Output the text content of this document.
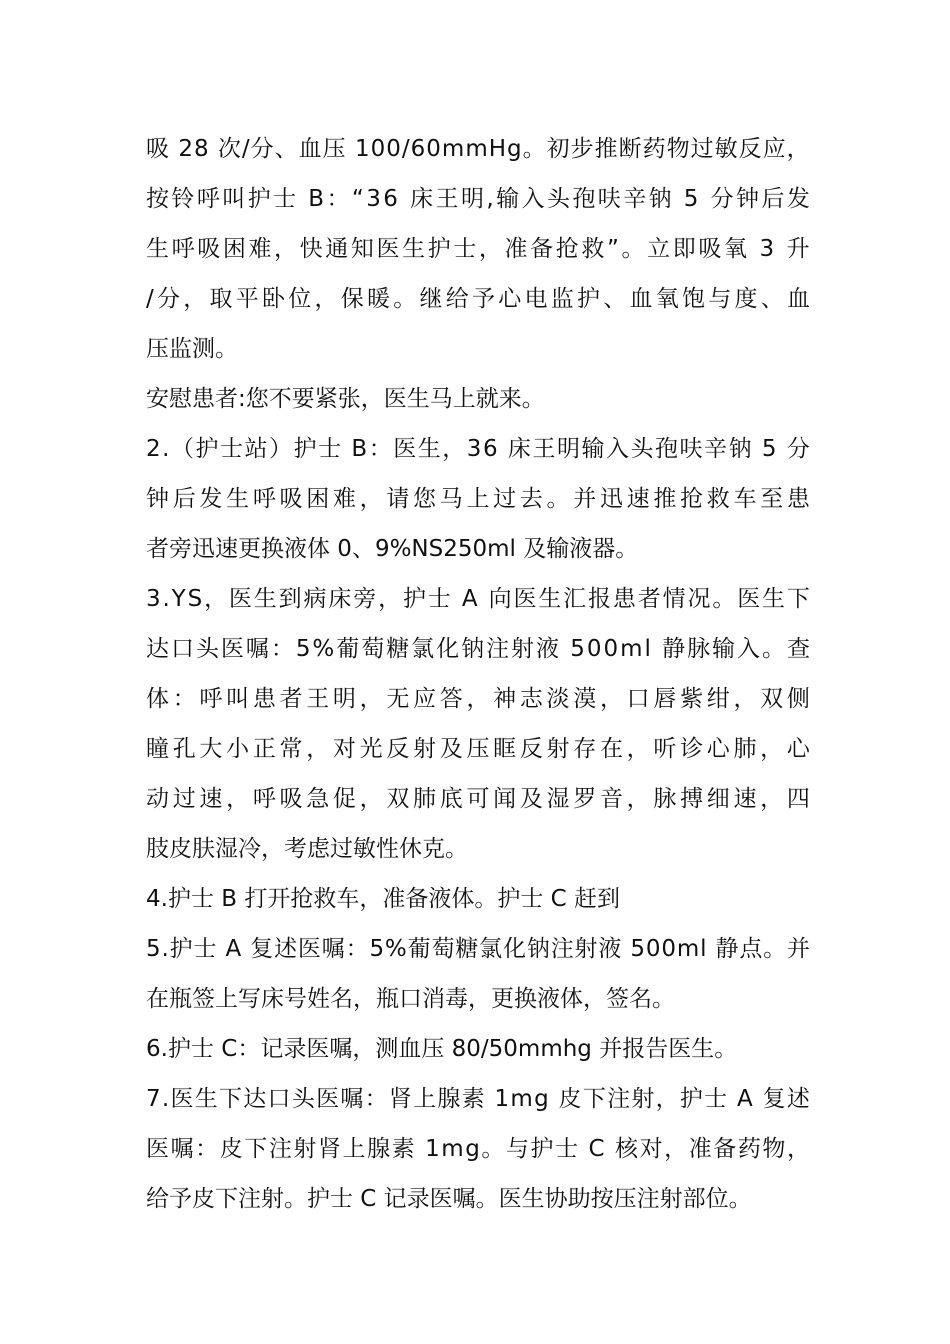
吸
2 8
次 / 分 、 血 压
1 0 0 / 6 0 m m H g 。 初 步 推 断 药 物 过 敏 反 应 ，
按 铃 呼 叫 护 士
B ： “ 3 6
床 王 明 , 输 入 头 孢 呋 辛 钠
5
分 钟 后 发
生 呼 吸 困 难 ， 快 通 知 医 生 护 士 ， 准 备 抢 救 ” 。 立 即 吸 氧
3
升
/ 分 ， 取 平 卧 位 ， 保 暖 。 继 给 予 心 电 监 护 、 血 氧 饱 与 度 、 血
压监测。
安慰患者:您不要紧张，医生马上就来。
2 . （ 护 士 站 ） 护 士
B ： 医 生 ， 3 6
床 王 明 输 入 头 孢 呋 辛 钠
5
分
钟 后 发 生 呼 吸 困 难 ， 请 您 马 上 过 去 。 并 迅 速 推 抢 救 车 至 患
者旁迅速更换液体 0、9%NS250ml 及输液器。
3 . Y S ， 医 生 到 病 床 旁 ， 护 士
A
向 医 生 汇 报 患 者 情 况 。 医 生 下
达 口 头 医 嘱 ： 5 % 葡 萄 糖 氯 化 钠 注 射 液
5 0 0 m l
静 脉 输 入 。 查
体 ： 呼 叫 患 者 王 明 ， 无 应 答 ， 神 志 淡 漠 ， 口 唇 紫 绀 ， 双 侧
瞳 孔 大 小 正 常 ， 对 光 反 射 及 压 眶 反 射 存 在 ， 听 诊 心 肺 ， 心
动 过 速 ， 呼 吸 急 促 ， 双 肺 底 可 闻 及 湿 罗 音 ， 脉 搏 细 速 ， 四
肢皮肤湿冷，考虑过敏性休克。
4.护士 B 打开抢救车，准备液体。护士 C 赶到
5 . 护 士
A
复 述 医 嘱 ： 5 % 葡 萄 糖 氯 化 钠 注 射 液
5 0 0 m l
静 点 。 并
在瓶签上写床号姓名，瓶口消毒，更换液体，签名。
6.护士 C：记录医嘱，测血压 80/50mmhg 并报告医生。
7 . 医 生 下 达 口 头 医 嘱 ： 肾 上 腺 素
1 m g
皮 下 注 射 ， 护 士
A
复 述
医 嘱 ： 皮 下 注 射 肾 上 腺 素
1 m g 。 与 护 士
C
核 对 ， 准 备 药 物 ，
给予皮下注射。护士 C 记录医嘱。医生协助按压注射部位。
